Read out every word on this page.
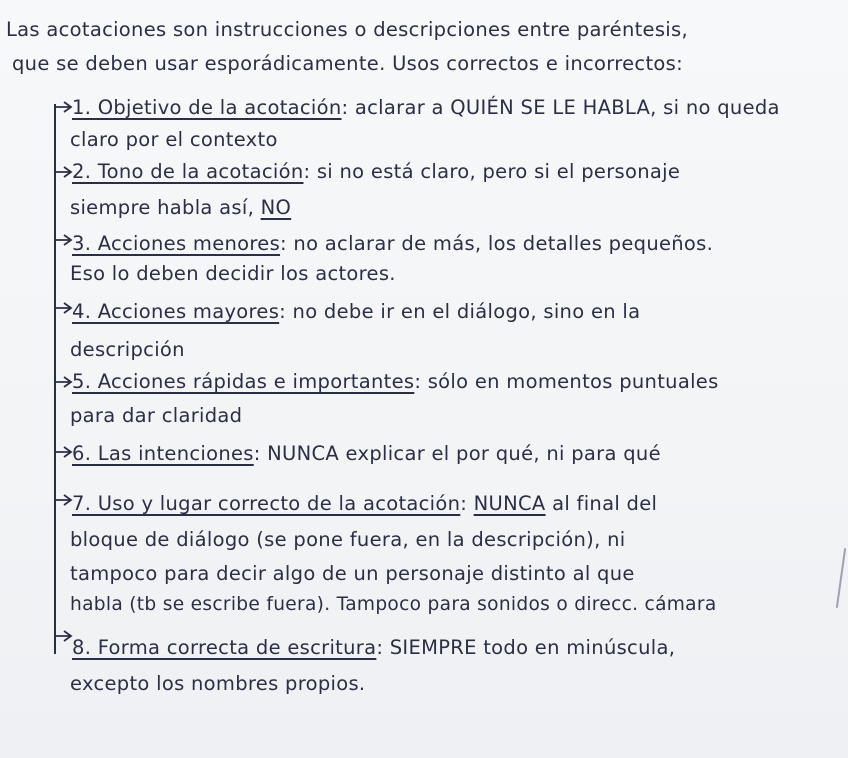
Las acotaciones son instrucciones o descripciones entre paréntesis,
que se deben usar esporádicamente. Usos correctos e incorrectos:
1. Objetivo de la acotación: aclarar a QUIÉN SE LE HABLA, si no queda
claro por el contexto
2. Tono de la acotación: si no está claro, pero si el personaje
siempre habla así, NO
3. Acciones menores: no aclarar de más, los detalles pequeños.
Eso lo deben decidir los actores.
4. Acciones mayores: no debe ir en el diálogo, sino en la
descripción
5. Acciones rápidas e importantes: sólo en momentos puntuales
para dar claridad
6. Las intenciones: NUNCA explicar el por qué, ni para qué
7. Uso y lugar correcto de la acotación: NUNCA al final del
bloque de diálogo (se pone fuera, en la descripción), ni
tampoco para decir algo de un personaje distinto al que
habla (tb se escribe fuera). Tampoco para sonidos o direcc. cámara
8. Forma correcta de escritura: SIEMPRE todo en minúscula,
excepto los nombres propios.
